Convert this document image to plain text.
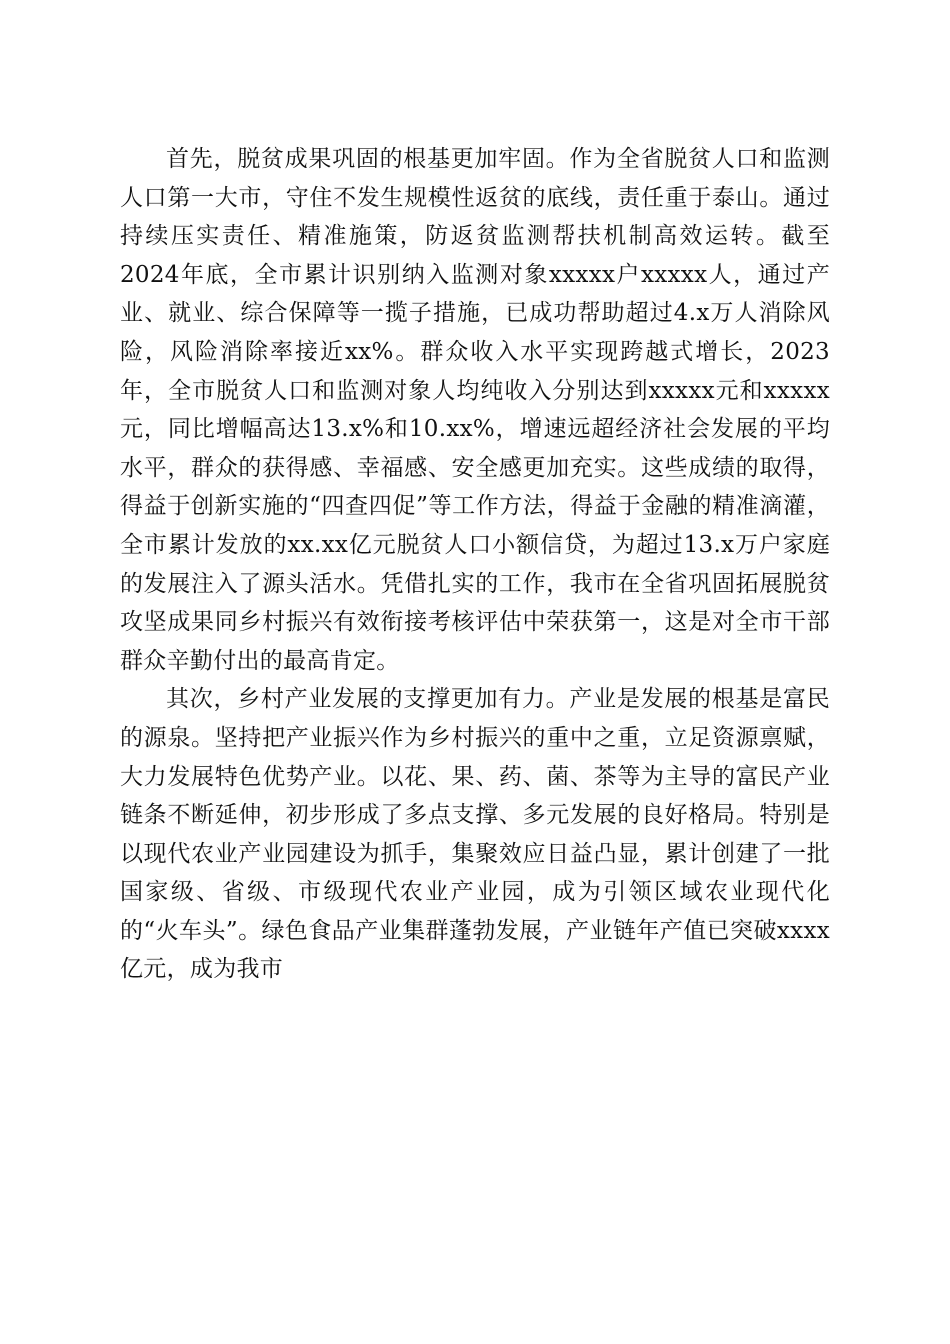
首先，脱贫成果巩固的根基更加牢固。作为全省脱贫人口和监测人口第一大市，守住不发生规模性返贫的底线，责任重于泰山。通过持续压实责任、精准施策，防返贫监测帮扶机制高效运转。截至2024年底，全市累计识别纳入监测对象xxxxx户xxxxx人，通过产业、就业、综合保障等一揽子措施，已成功帮助超过4.x万人消除风险，风险消除率接近xx%。群众收入水平实现跨越式增长，2023年，全市脱贫人口和监测对象人均纯收入分别达到xxxxx元和xxxxx元，同比增幅高达13.x%和10.xx%，增速远超经济社会发展的平均水平，群众的获得感、幸福感、安全感更加充实。这些成绩的取得，得益于创新实施的“四查四促”等工作方法，得益于金融的精准滴灌，全市累计发放的xx.xx亿元脱贫人口小额信贷，为超过13.x万户家庭的发展注入了源头活水。凭借扎实的工作，我市在全省巩固拓展脱贫攻坚成果同乡村振兴有效衔接考核评估中荣获第一，这是对全市干部群众辛勤付出的最高肯定。

其次，乡村产业发展的支撑更加有力。产业是发展的根基是富民的源泉。坚持把产业振兴作为乡村振兴的重中之重，立足资源禀赋，大力发展特色优势产业。以花、果、药、菌、茶等为主导的富民产业链条不断延伸，初步形成了多点支撑、多元发展的良好格局。特别是以现代农业产业园建设为抓手，集聚效应日益凸显，累计创建了一批国家级、省级、市级现代农业产业园，成为引领区域农业现代化的“火车头”。绿色食品产业集群蓬勃发展，产业链年产值已突破xxxx亿元，成为我市
